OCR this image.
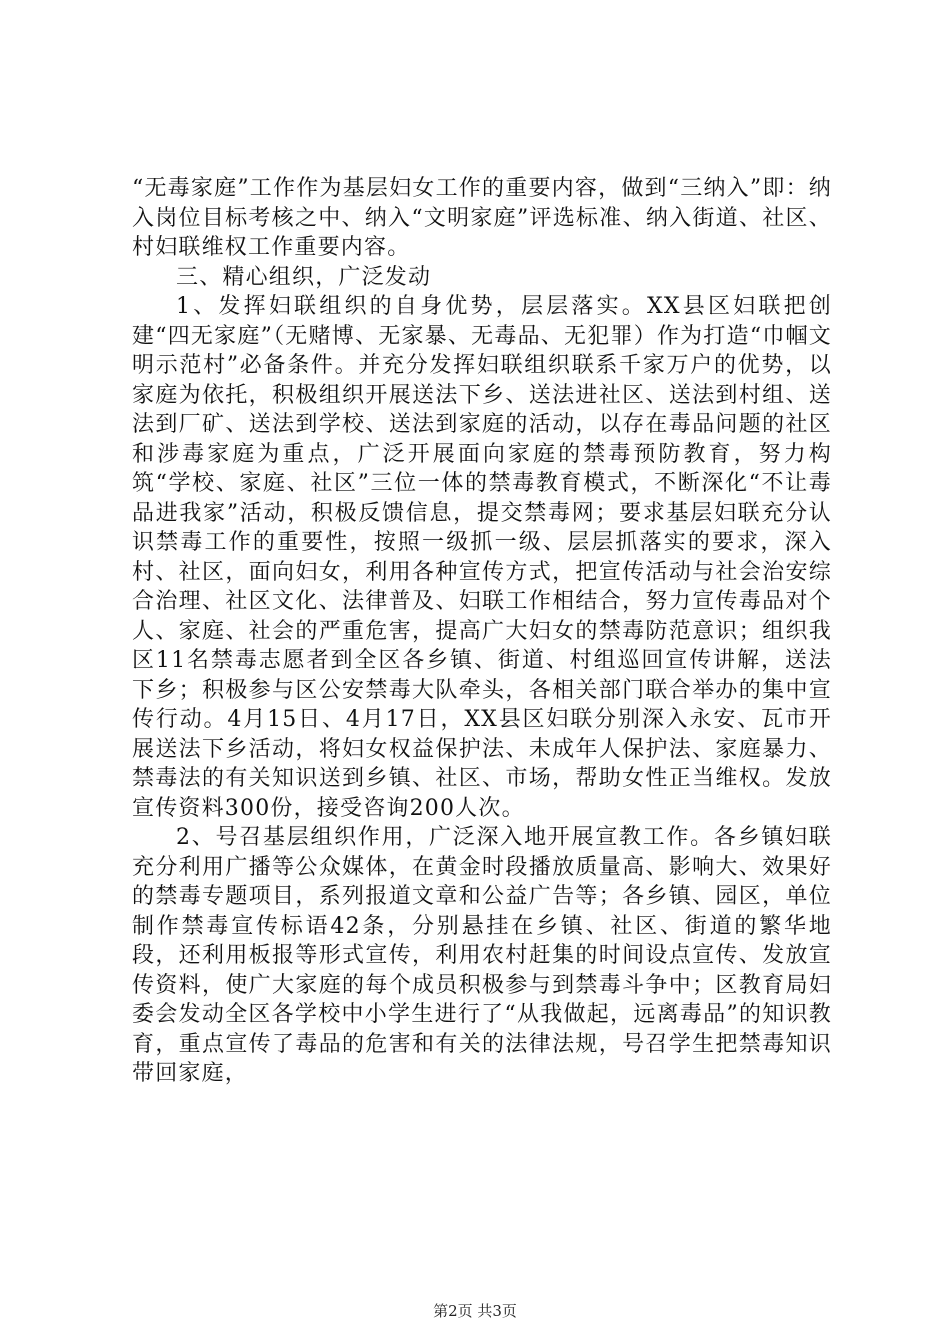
“无毒家庭”工作作为基层妇女工作的重要内容，做到“三纳入”即：纳入岗位目标考核之中、纳入“文明家庭”评选标准、纳入街道、社区、村妇联维权工作重要内容。

三、精心组织，广泛发动

1、发挥妇联组织的自身优势，层层落实。XX县区妇联把创建“四无家庭”（无赌博、无家暴、无毒品、无犯罪）作为打造“巾帼文明示范村”必备条件。并充分发挥妇联组织联系千家万户的优势，以家庭为依托，积极组织开展送法下乡、送法进社区、送法到村组、送法到厂矿、送法到学校、送法到家庭的活动，以存在毒品问题的社区和涉毒家庭为重点，广泛开展面向家庭的禁毒预防教育，努力构筑“学校、家庭、社区”三位一体的禁毒教育模式，不断深化“不让毒品进我家”活动，积极反馈信息，提交禁毒网；要求基层妇联充分认识禁毒工作的重要性，按照一级抓一级、层层抓落实的要求，深入村、社区，面向妇女，利用各种宣传方式，把宣传活动与社会治安综合治理、社区文化、法律普及、妇联工作相结合，努力宣传毒品对个人、家庭、社会的严重危害，提高广大妇女的禁毒防范意识；组织我区11名禁毒志愿者到全区各乡镇、街道、村组巡回宣传讲解，送法下乡；积极参与区公安禁毒大队牵头，各相关部门联合举办的集中宣传行动。4月15日、4月17日，XX县区妇联分别深入永安、瓦市开展送法下乡活动，将妇女权益保护法、未成年人保护法、家庭暴力、禁毒法的有关知识送到乡镇、社区、市场，帮助女性正当维权。发放宣传资料300份，接受咨询200人次。

2、号召基层组织作用，广泛深入地开展宣教工作。各乡镇妇联充分利用广播等公众媒体，在黄金时段播放质量高、影响大、效果好的禁毒专题项目，系列报道文章和公益广告等；各乡镇、园区，单位制作禁毒宣传标语42条，分别悬挂在乡镇、社区、街道的繁华地段，还利用板报等形式宣传，利用农村赶集的时间设点宣传、发放宣传资料，使广大家庭的每个成员积极参与到禁毒斗争中；区教育局妇委会发动全区各学校中小学生进行了“从我做起，远离毒品”的知识教育，重点宣传了毒品的危害和有关的法律法规，号召学生把禁毒知识带回家庭，

第2页 共3页
